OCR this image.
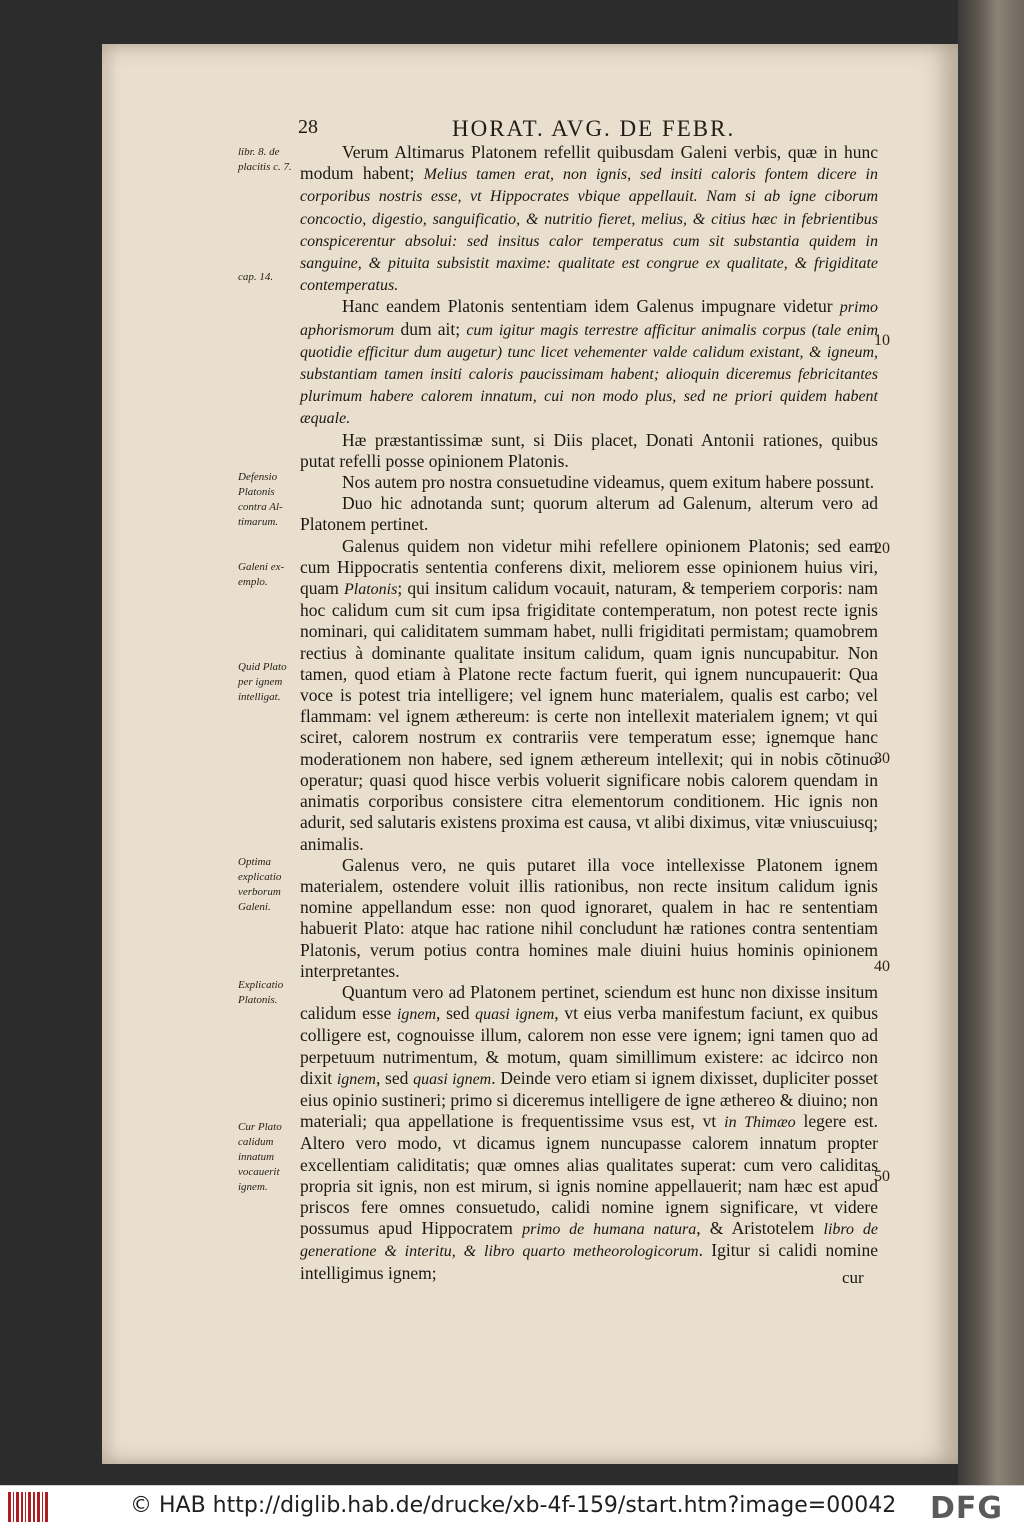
28	HORAT. AVG. DE FEBR.
libr. 8. de
placitis c. 7.
cap. 14.
Defensio
Platonis
contra Al-
timarum.
Galeni ex-
emplo.
Quid Plato
per ignem
intelligat.
Optima
explicatio
verborum
Galeni.
Explicatio
Platonis.
Cur Plato
calidum
innatum
vocauerit
ignem.

Verum Altimarus Platonem refellit quibusdam Galeni verbis, quæ in hunc modum habent; Melius tamen erat, non ignis, sed insiti caloris fontem dicere in corporibus nostris esse, vt Hippocrates vbique appellauit. Nam si ab igne ciborum concoctio, digestio, sanguificatio, & nutritio fieret, melius, & citius hæc in febrientibus conspicerentur absolui: sed insitus calor temperatus cum sit substantia quidem in sanguine, & pituita subsistit maxime: qualitate est congrue ex qualitate, & frigiditate contemperatus.

Hanc eandem Platonis sententiam idem Galenus impugnare videtur primo aphorismorum dum ait; cum igitur magis terrestre afficitur animalis corpus (tale enim quotidie efficitur dum augetur) tunc licet vehementer valde calidum existant, & igneum, substantiam tamen insiti caloris paucissimam habent; alioquin diceremus febricitantes plurimum habere calorem innatum, cui non modo plus, sed ne priori quidem habent æquale.

Hæ præstantissimæ sunt, si Diis placet, Donati Antonii rationes, quibus putat refelli posse opinionem Platonis.

Nos autem pro nostra consuetudine videamus, quem exitum habere possunt.

Duo hic adnotanda sunt; quorum alterum ad Galenum, alterum vero ad Platonem pertinet.

Galenus quidem non videtur mihi refellere opinionem Platonis; sed eam cum Hippocratis sententia conferens dixit, meliorem esse opinionem huius viri, quam Platonis; qui insitum calidum vocauit, naturam, & temperiem corporis: nam hoc calidum cum sit cum ipsa frigiditate contemperatum, non potest recte ignis nominari, qui caliditatem summam habet, nulli frigiditati permistam; quamobrem rectius à dominante qualitate insitum calidum, quam ignis nuncupabitur. Non tamen, quod etiam à Platone recte factum fuerit, qui ignem nuncupauerit: Qua voce is potest tria intelligere; vel ignem hunc materialem, qualis est carbo; vel flammam: vel ignem æthereum: is certe non intellexit materialem ignem; vt qui sciret, calorem nostrum ex contrariis vere temperatum esse; ignemque hanc moderationem non habere, sed ignem æthereum intellexit; qui in nobis cõtinuo operatur; quasi quod hisce verbis voluerit significare nobis calorem quendam in animatis corporibus consistere citra elementorum conditionem. Hic ignis non adurit, sed salutaris existens proxima est causa, vt alibi diximus, vitæ vniuscuiusq; animalis.

Galenus vero, ne quis putaret illa voce intellexisse Platonem ignem materialem, ostendere voluit illis rationibus, non recte insitum calidum ignis nomine appellandum esse: non quod ignoraret, qualem in hac re sententiam habuerit Plato: atque hac ratione nihil concludunt hæ rationes contra sententiam Platonis, verum potius contra homines male diuini huius hominis opinionem interpretantes.

Quantum vero ad Platonem pertinet, sciendum est hunc non dixisse insitum calidum esse ignem, sed quasi ignem, vt eius verba manifestum faciunt, ex quibus colligere est, cognouisse illum, calorem non esse vere ignem; igni tamen quo ad perpetuum nutrimentum, & motum, quam simillimum existere: ac idcirco non dixit ignem, sed quasi ignem. Deinde vero etiam si ignem dixisset, dupliciter posset eius opinio sustineri; primo si diceremus intelligere de igne æthereo & diuino; non materiali; qua appellatione is frequentissime vsus est, vt in Thimæo legere est. Altero vero modo, vt dicamus ignem nuncupasse calorem innatum propter excellentiam caliditatis; quæ omnes alias qualitates superat: cum vero caliditas propria sit ignis, non est mirum, si ignis nomine appellauerit; nam hæc est apud priscos fere omnes consuetudo, calidi nomine ignem significare, vt videre possumus apud Hippocratem primo de humana natura, & Aristotelem libro de generatione & interitu, & libro quarto metheorologicorum. Igitur si calidi nomine intelligimus ignem;

10
20
30
40
50
cur
© HAB http://diglib.hab.de/drucke/xb-4f-159/start.htm?image=00042 DFG
